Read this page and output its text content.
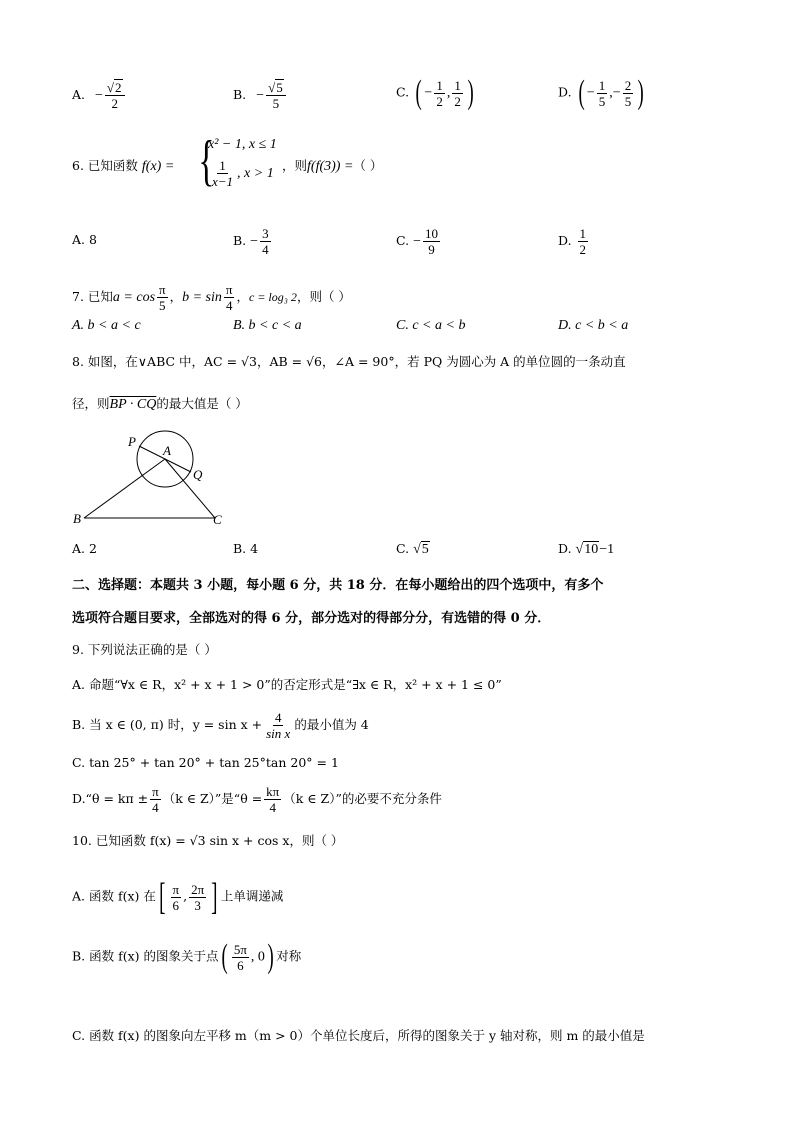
A. − $\frac{√2}{2}$	B. − $\frac{√5}{5}$	C. ( − $\frac{1}{2}$ , $\frac{1}{2}$ )	D. ( − $\frac{1}{5}$ ,− $\frac{2}{5}$ )
6. 已知函数 f(x) = {
x² − 1, x ≤ 1
$\frac{1}{x-1}$ , x > 1
，则f(f(3)) =（ ）
A. 8	B. − $\frac{3}{4}$	C. − $\frac{10}{9}$	D. $\frac{1}{2}$
7. 已知$a = \cos \frac{\pi}{5}$ ，$b = \sin \frac{\pi}{4}$ ，c = log₃ 2，则（ ）
A. b < a < c	B. b < c < a	C. c < a < b	D. c < b < a
8. 如图，在∨ABC 中，AC = √3，AB = √6，∠A = 90°，若 PQ 为圆心为 A 的单位圆的一条动直
径，则BP · CQ的最大值是（ ）
P
A
Q
B	C
A. 2	B. 4	C. √5	D. √10−1
二、选择题：本题共 3 小题，每小题 6 分，共 18 分．在每小题给出的四个选项中，有多个
选项符合题目要求，全部选对的得 6 分，部分选对的得部分分，有选错的得 0 分．
9. 下列说法正确的是（ ）
A. 命题“∀x ∈ R，x² + x + 1 > 0”的否定形式是“∃x ∈ R，x² + x + 1 ≤ 0”
B. 当 x ∈ (0, π) 时，$y = \sin x + \frac{4}{\text{sin x}}$ 的最小值为 4
C. tan 25° + tan 20° + tan 25°tan 20° = 1
D.“θ = $k\pi \pm \frac{\pi}{4} (k$ ∈ Z）”是“$\theta = \frac{k\pi}{4} (k$ ∈ Z）”的必要不充分条件
10. 已知函数 f(x) = √3 sin x + cos x，则（ ）
A. 函数 f(x) 在[ $\frac{\pi}{6}$ , $\frac{2\pi}{3}$ ] 上单调递减
B. 函数 f(x) 的图象关于点( $\frac{5\pi}{6}$ , 0) 对称
C. 函数 f(x) 的图象向左平移 m（m > 0）个单位长度后，所得的图象关于 y 轴对称，则 m 的最小值是
